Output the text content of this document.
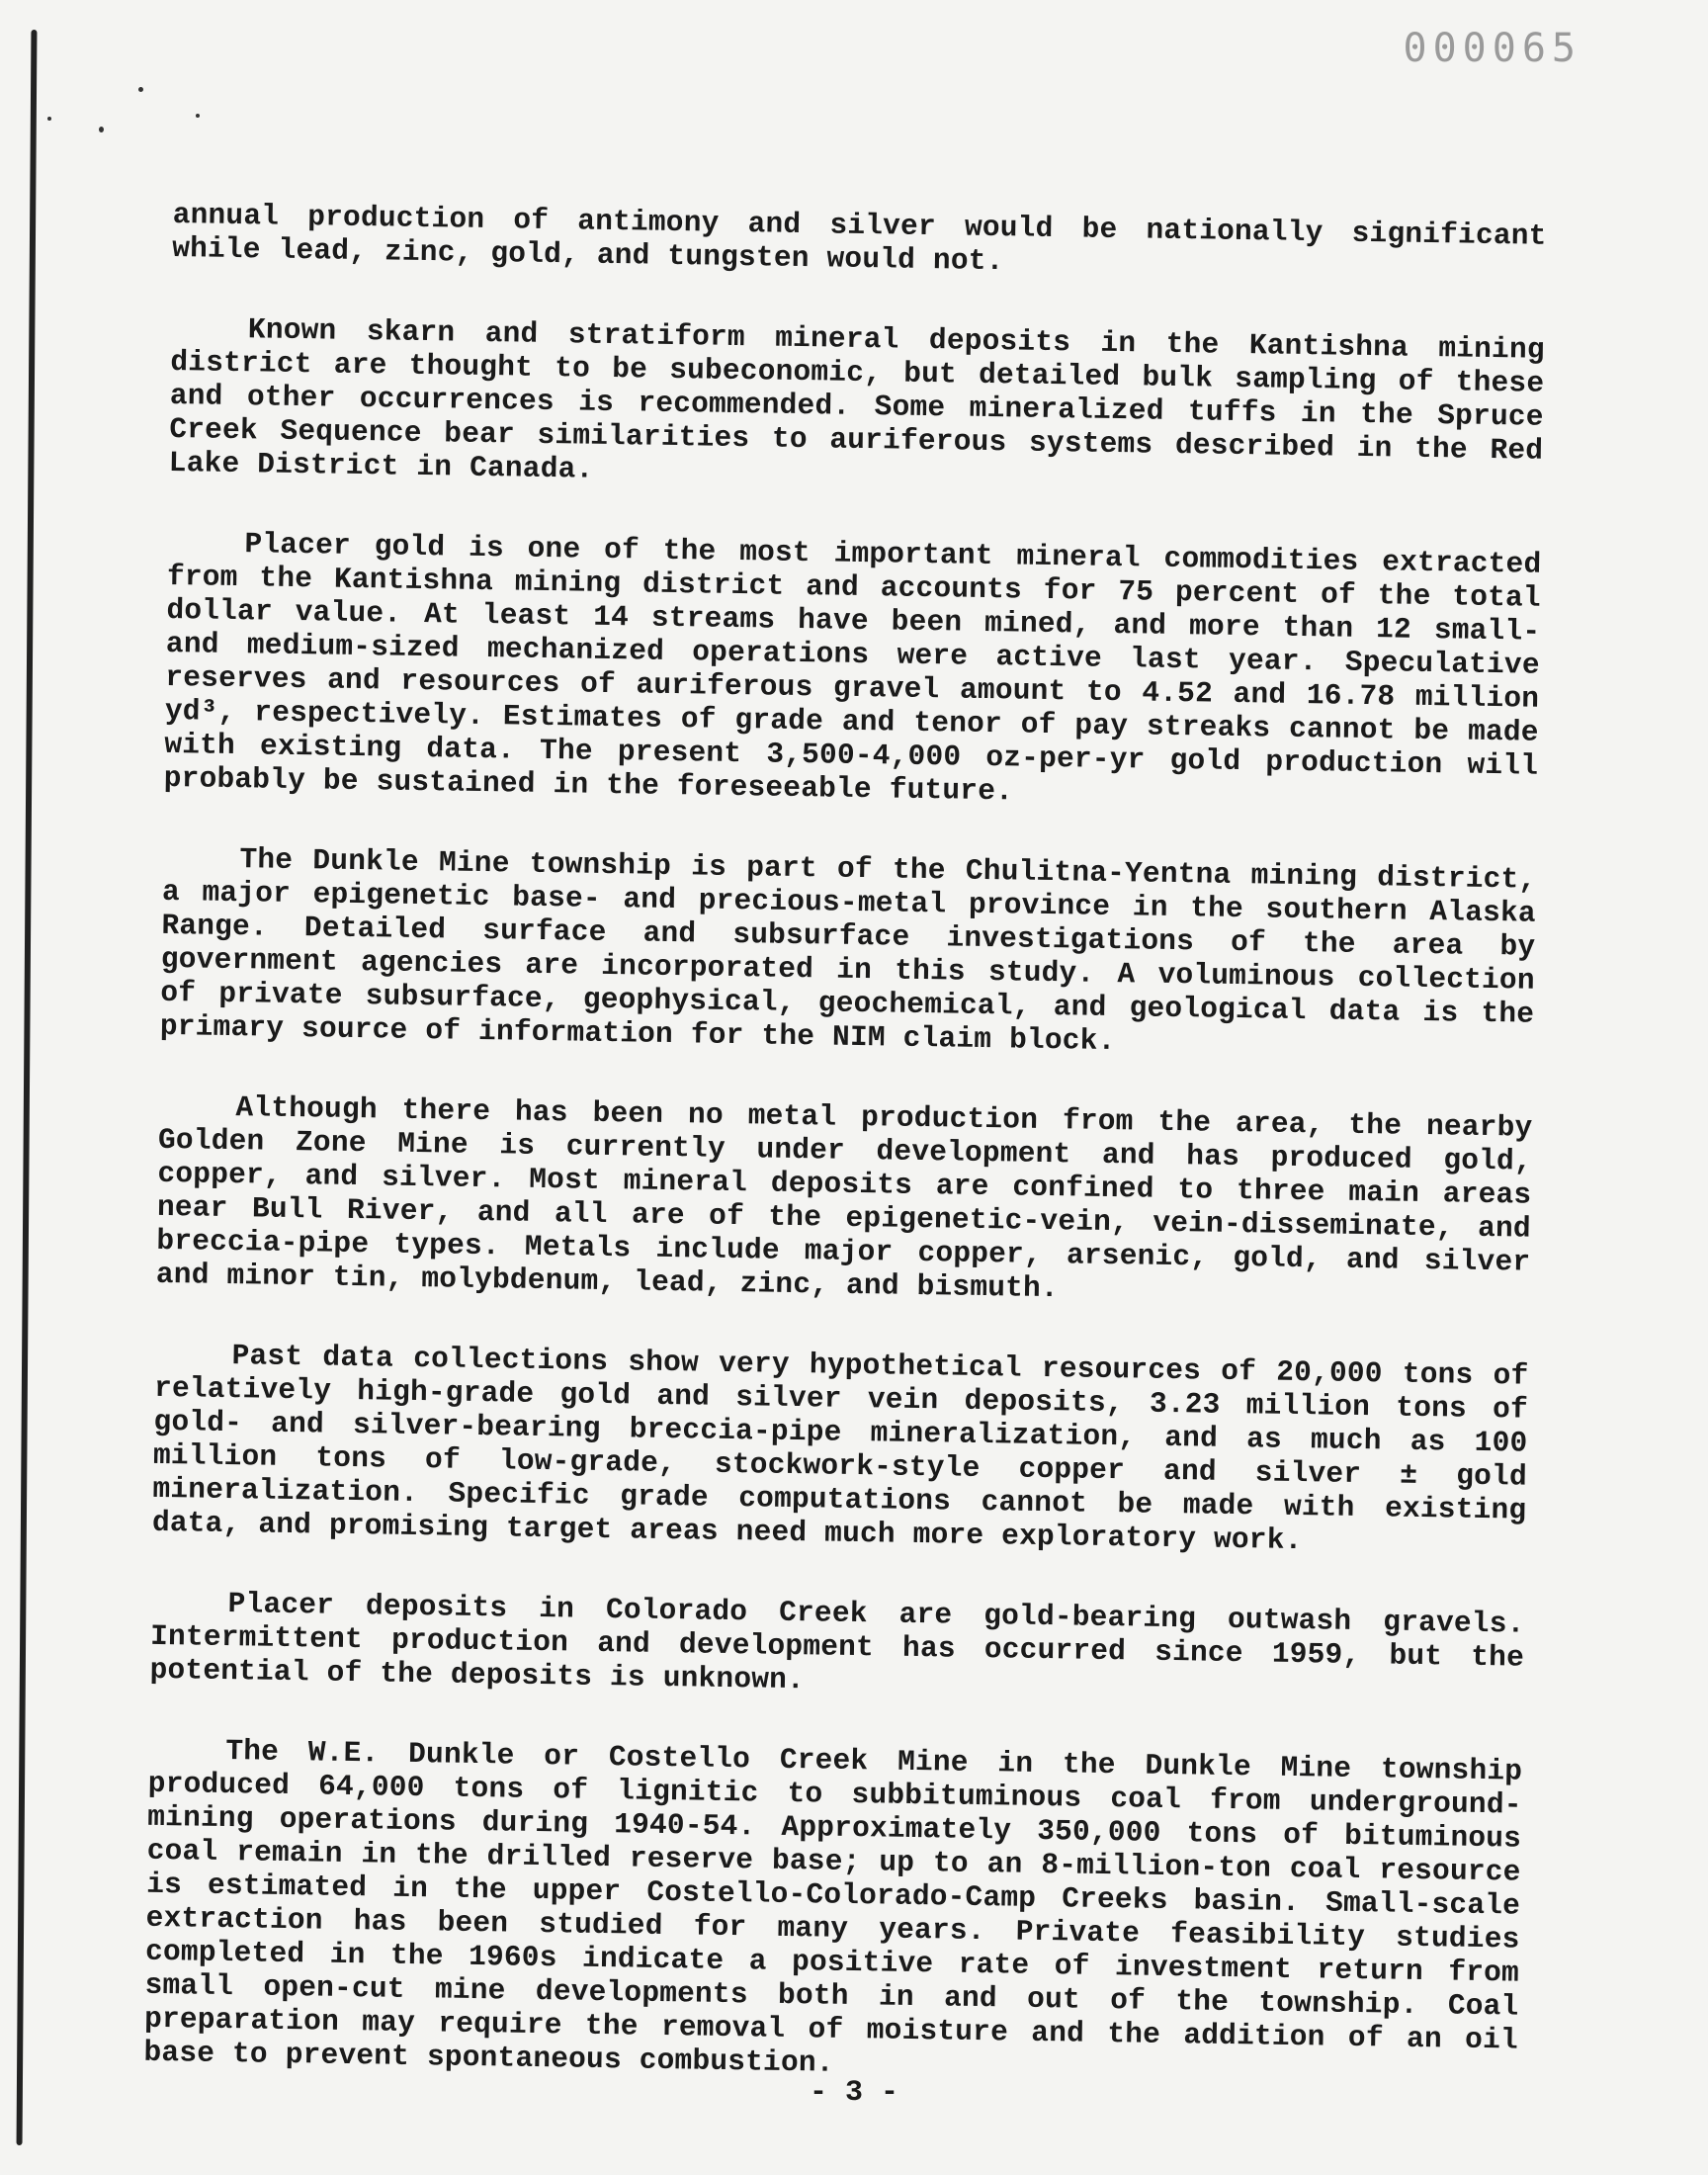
000065

annual production of antimony and silver would be nationally significant while lead, zinc, gold, and tungsten would not.

Known skarn and stratiform mineral deposits in the Kantishna mining district are thought to be subeconomic, but detailed bulk sampling of these and other occurrences is recommended. Some mineralized tuffs in the Spruce Creek Sequence bear similarities to auriferous systems described in the Red Lake District in Canada.

Placer gold is one of the most important mineral commodities extracted from the Kantishna mining district and accounts for 75 percent of the total dollar value. At least 14 streams have been mined, and more than 12 small- and medium-sized mechanized operations were active last year. Speculative reserves and resources of auriferous gravel amount to 4.52 and 16.78 million yd³, respectively. Estimates of grade and tenor of pay streaks cannot be made with existing data. The present 3,500-4,000 oz-per-yr gold production will probably be sustained in the foreseeable future.

The Dunkle Mine township is part of the Chulitna-Yentna mining district, a major epigenetic base- and precious-metal province in the southern Alaska Range. Detailed surface and subsurface investigations of the area by government agencies are incorporated in this study. A voluminous collection of private subsurface, geophysical, geochemical, and geological data is the primary source of information for the NIM claim block.

Although there has been no metal production from the area, the nearby Golden Zone Mine is currently under development and has produced gold, copper, and silver. Most mineral deposits are confined to three main areas near Bull River, and all are of the epigenetic-vein, vein-disseminate, and breccia-pipe types. Metals include major copper, arsenic, gold, and silver and minor tin, molybdenum, lead, zinc, and bismuth.

Past data collections show very hypothetical resources of 20,000 tons of relatively high-grade gold and silver vein deposits, 3.23 million tons of gold- and silver-bearing breccia-pipe mineralization, and as much as 100 million tons of low-grade, stockwork-style copper and silver ± gold mineralization. Specific grade computations cannot be made with existing data, and promising target areas need much more exploratory work.

Placer deposits in Colorado Creek are gold-bearing outwash gravels. Intermittent production and development has occurred since 1959, but the potential of the deposits is unknown.

The W.E. Dunkle or Costello Creek Mine in the Dunkle Mine township produced 64,000 tons of lignitic to subbituminous coal from underground-mining operations during 1940-54. Approximately 350,000 tons of bituminous coal remain in the drilled reserve base; up to an 8-million-ton coal resource is estimated in the upper Costello-Colorado-Camp Creeks basin. Small-scale extraction has been studied for many years. Private feasibility studies completed in the 1960s indicate a positive rate of investment return from small open-cut mine developments both in and out of the township. Coal preparation may require the removal of moisture and the addition of an oil base to prevent spontaneous combustion.

- 3 -
